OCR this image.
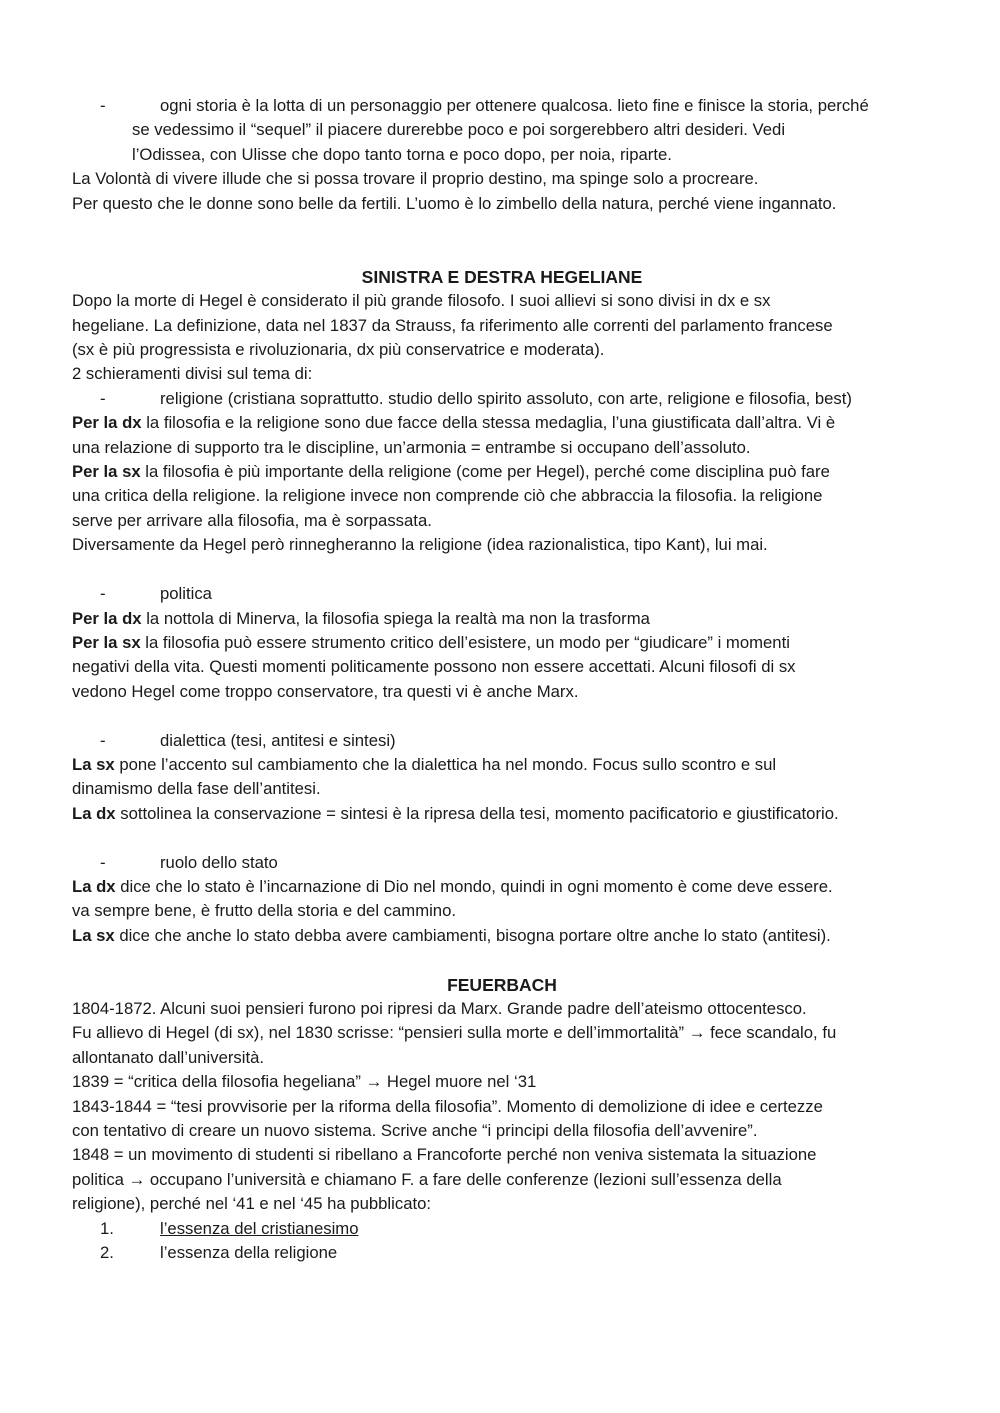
-	ogni storia è la lotta di un personaggio per ottenere qualcosa. lieto fine e finisce la storia, perché
se vedessimo il “sequel” il piacere durerebbe poco e poi sorgerebbero altri desideri. Vedi
l’Odissea, con Ulisse che dopo tanto torna e poco dopo, per noia, riparte.
La Volontà di vivere illude che si possa trovare il proprio destino, ma spinge solo a procreare.
Per questo che le donne sono belle da fertili. L’uomo è lo zimbello della natura, perché viene ingannato.
SINISTRA E DESTRA HEGELIANE
Dopo la morte di Hegel è considerato il più grande filosofo. I suoi allievi si sono divisi in dx e sx
hegeliane. La definizione, data nel 1837 da Strauss, fa riferimento alle correnti del parlamento francese
(sx è più progressista e rivoluzionaria, dx più conservatrice e moderata).
2 schieramenti divisi sul tema di:
-	religione (cristiana soprattutto. studio dello spirito assoluto, con arte, religione e filosofia, best)
Per la dx la filosofia e la religione sono due facce della stessa medaglia, l’una giustificata dall’altra. Vi è
una relazione di supporto tra le discipline, un’armonia = entrambe si occupano dell’assoluto.
Per la sx la filosofia è più importante della religione (come per Hegel), perché come disciplina può fare
una critica della religione. la religione invece non comprende ciò che abbraccia la filosofia. la religione
serve per arrivare alla filosofia, ma è sorpassata.
Diversamente da Hegel però rinnegheranno la religione (idea razionalistica, tipo Kant), lui mai.
-	politica
Per la dx la nottola di Minerva, la filosofia spiega la realtà ma non la trasforma
Per la sx la filosofia può essere strumento critico dell’esistere, un modo per “giudicare” i momenti
negativi della vita. Questi momenti politicamente possono non essere accettati. Alcuni filosofi di sx
vedono Hegel come troppo conservatore, tra questi vi è anche Marx.
-	dialettica (tesi, antitesi e sintesi)
La sx pone l’accento sul cambiamento che la dialettica ha nel mondo. Focus sullo scontro e sul
dinamismo della fase dell’antitesi.
La dx sottolinea la conservazione = sintesi è la ripresa della tesi, momento pacificatorio e giustificatorio.
-	ruolo dello stato
La dx dice che lo stato è l’incarnazione di Dio nel mondo, quindi in ogni momento è come deve essere.
va sempre bene, è frutto della storia e del cammino.
La sx dice che anche lo stato debba avere cambiamenti, bisogna portare oltre anche lo stato (antitesi).
FEUERBACH
1804-1872. Alcuni suoi pensieri furono poi ripresi da Marx. Grande padre dell’ateismo ottocentesco.
Fu allievo di Hegel (di sx), nel 1830 scrisse: “pensieri sulla morte e dell’immortalità” → fece scandalo, fu
allontanato dall’università.
1839 = “critica della filosofia hegeliana” → Hegel muore nel ‘31
1843-1844 = “tesi provvisorie per la riforma della filosofia”. Momento di demolizione di idee e certezze
con tentativo di creare un nuovo sistema. Scrive anche “i principi della filosofia dell’avvenire”.
1848 = un movimento di studenti si ribellano a Francoforte perché non veniva sistemata la situazione
politica → occupano l’università e chiamano F. a fare delle conferenze (lezioni sull’essenza della
religione), perché nel ‘41 e nel ‘45 ha pubblicato:
1.	l’essenza del cristianesimo
2.	l’essenza della religione
